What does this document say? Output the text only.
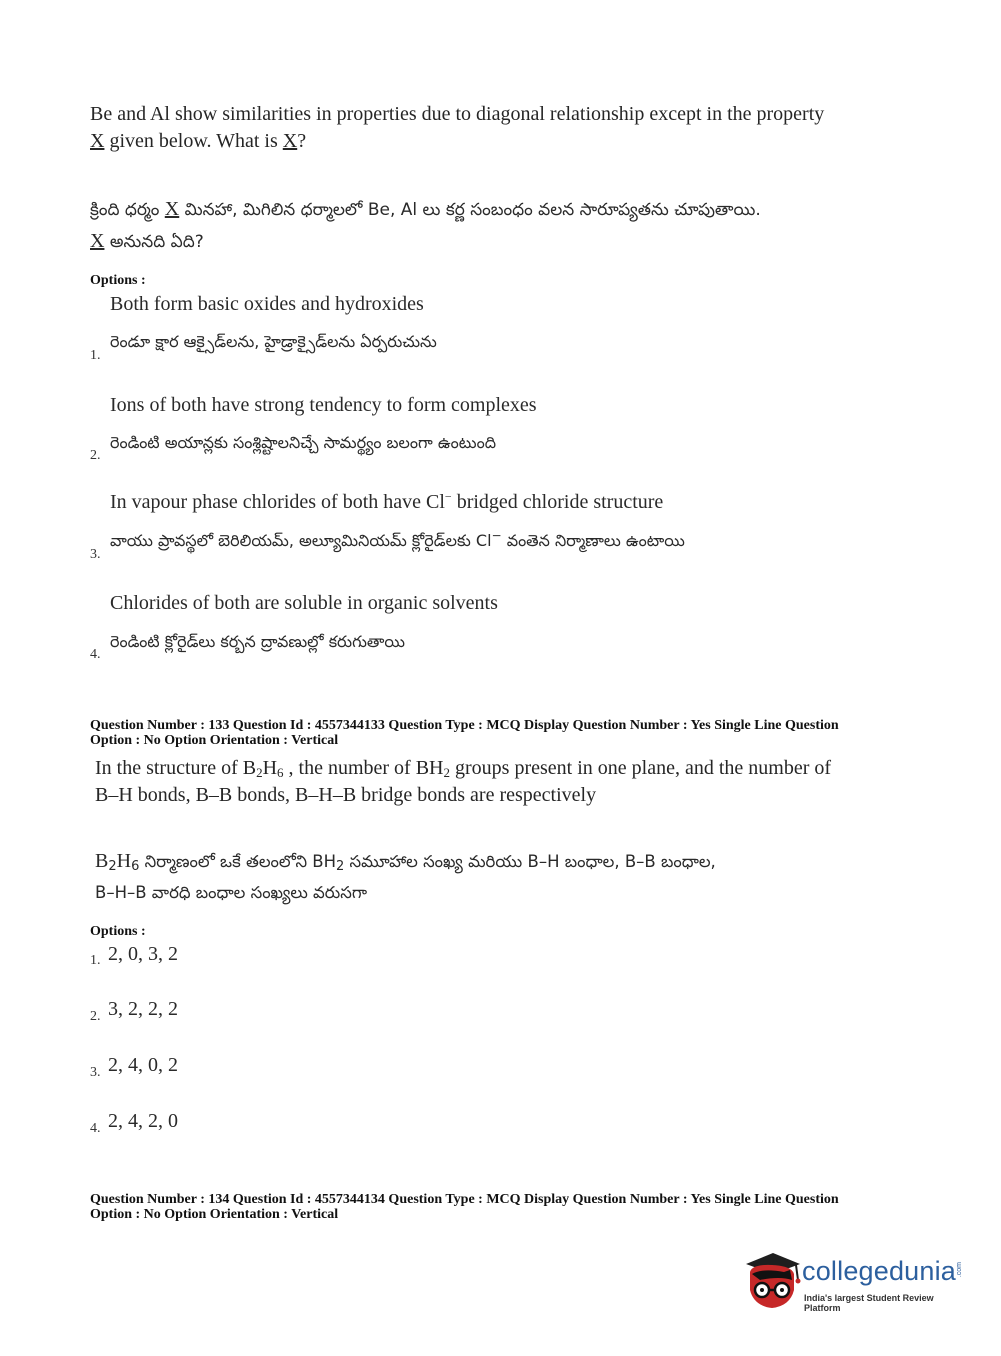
Be and Al show similarities in properties due to diagonal relationship except in the property
X given below. What is X?
క్రింది ధర్మం X మినహా, మిగిలిన ధర్మాలలో Be, Al లు కర్ణ సంబంధం వలన సారూప్యతను చూపుతాయి.
X అనునది ఏది?
Options :
Both form basic oxides and hydroxides
రెండూ క్షార ఆక్సైడ్‌లను, హైడ్రాక్సైడ్‌లను ఏర్పరుచును
1.
Ions of both have strong tendency to form complexes
రెండింటి అయాన్లకు సంశ్లిష్టాలనిచ్చే సామర్థ్యం బలంగా ఉంటుంది
2.
In vapour phase chlorides of both have Cl− bridged chloride structure
వాయు ప్రావస్థలో బెరిలియమ్, అల్యూమినియమ్ క్లోరైడ్‌లకు Cl− వంతెన నిర్మాణాలు ఉంటాయి
3.
Chlorides of both are soluble in organic solvents
రెండింటి క్లోరైడ్‌లు కర్బన ద్రావణుల్లో కరుగుతాయి
4.
Question Number : 133 Question Id : 4557344133 Question Type : MCQ Display Question Number : Yes Single Line Question
Option : No Option Orientation : Vertical
In the structure of $B_2H_6$ , the number of $BH_2$ groups present in one plane, and the number of
B–H bonds, B–B bonds, B–H–B bridge bonds are respectively
$B_2H_6$ నిర్మాణంలో ఒకే తలంలోని $BH_2$ సమూహాల సంఖ్య మరియు B–H బంధాల, B–B బంధాల,
B–H–B వారధి బంధాల సంఖ్యలు వరుసగా
Options :
1. 2, 0, 3, 2
2. 3, 2, 2, 2
3. 2, 4, 0, 2
4. 2, 4, 2, 0
Question Number : 134 Question Id : 4557344134 Question Type : MCQ Display Question Number : Yes Single Line Question
Option : No Option Orientation : Vertical
collegedunia .com
India's largest Student Review Platform
